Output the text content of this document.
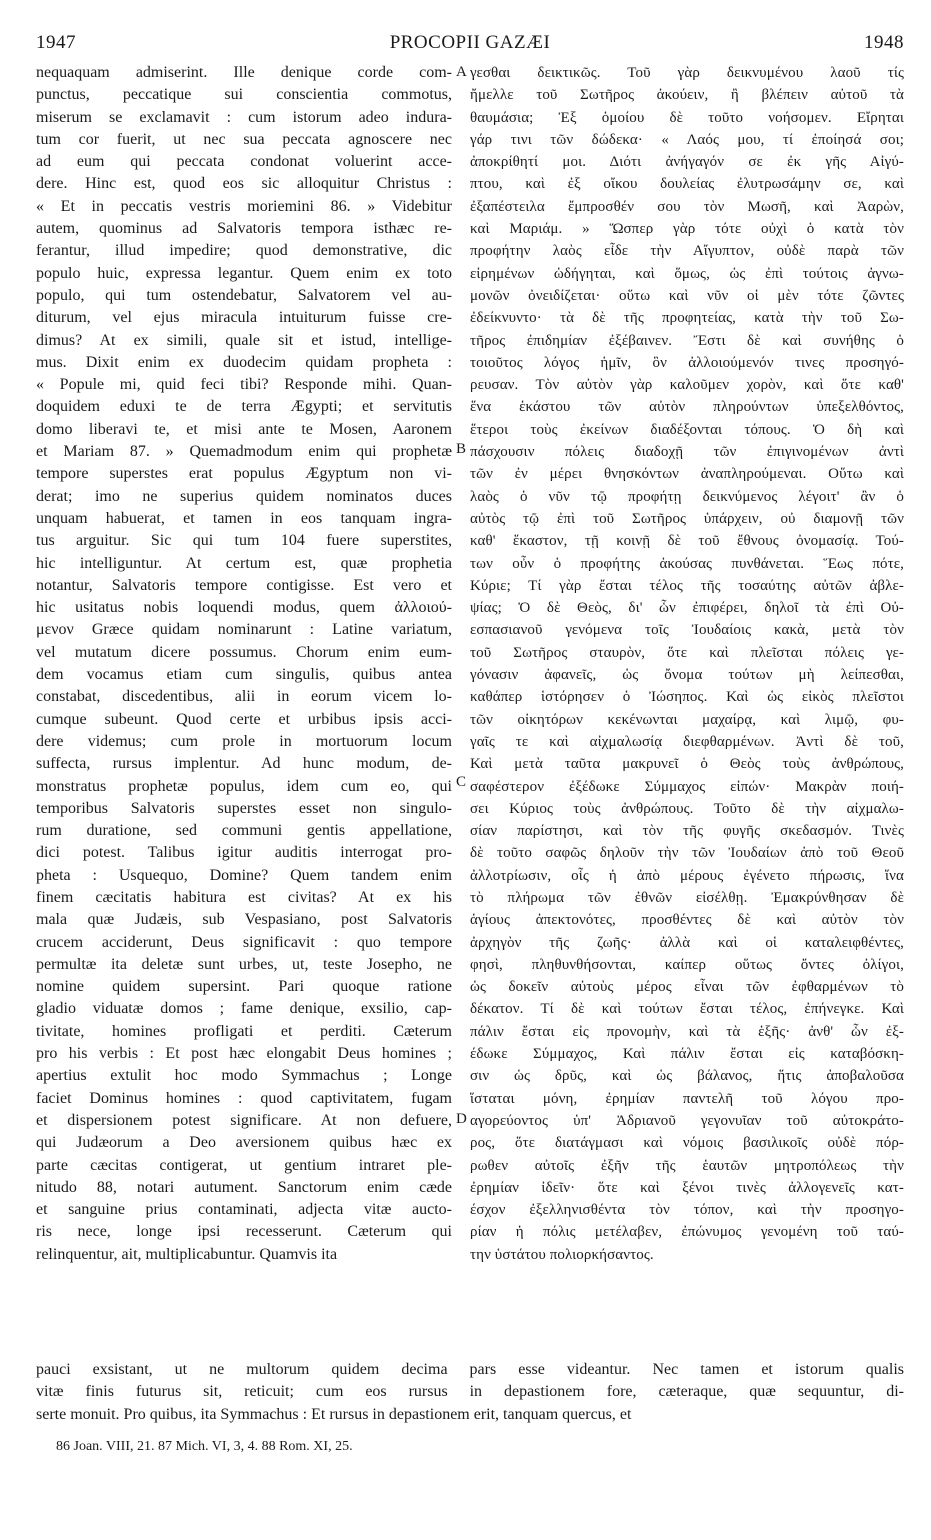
1947	PROCOPII GAZÆI	1948
A
B
C
D
nequaquam admiserint. Ille denique corde com-
punctus, peccatique sui conscientia commotus,
miserum se exclamavit : cum istorum adeo indura-
tum cor fuerit, ut nec sua peccata agnoscere nec
ad eum qui peccata condonat voluerint acce-
dere. Hinc est, quod eos sic alloquitur Christus :
« Et in peccatis vestris moriemini 86. » Videbitur
autem, quominus ad Salvatoris tempora isthæc re-
ferantur, illud impedire; quod demonstrative, dic
populo huic, expressa legantur. Quem enim ex toto
populo, qui tum ostendebatur, Salvatorem vel au-
diturum, vel ejus miracula intuiturum fuisse cre-
dimus? At ex simili, quale sit et istud, intellige-
mus. Dixit enim ex duodecim quidam propheta :
« Popule mi, quid feci tibi? Responde mihi. Quan-
doquidem eduxi te de terra Ægypti; et servitutis
domo liberavi te, et misi ante te Mosen, Aaronem
et Mariam 87. » Quemadmodum enim qui prophetæ
tempore superstes erat populus Ægyptum non vi-
derat; imo ne superius quidem nominatos duces
unquam habuerat, et tamen in eos tanquam ingra-
tus arguitur. Sic qui tum 104 fuere superstites,
hic intelliguntur. At certum est, quæ prophetia
notantur, Salvatoris tempore contigisse. Est vero et
hic usitatus nobis loquendi modus, quem ἀλλοιού-
μενον Græce quidam nominarunt : Latine variatum,
vel mutatum dicere possumus. Chorum enim eum-
dem vocamus etiam cum singulis, quibus antea
constabat, discedentibus, alii in eorum vicem lo-
cumque subeunt. Quod certe et urbibus ipsis acci-
dere videmus; cum prole in mortuorum locum
suffecta, rursus implentur. Ad hunc modum, de-
monstratus prophetæ populus, idem cum eo, qui
temporibus Salvatoris superstes esset non singulo-
rum duratione, sed communi gentis appellatione,
dici potest. Talibus igitur auditis interrogat pro-
pheta : Usquequo, Domine? Quem tandem enim
finem cæcitatis habitura est civitas? At ex his
mala quæ Judæis, sub Vespasiano, post Salvatoris
crucem acciderunt, Deus significavit : quo tempore
permultæ ita deletæ sunt urbes, ut, teste Josepho, ne
nomine quidem supersint. Pari quoque ratione
gladio viduatæ domos ; fame denique, exsilio, cap-
tivitate, homines profligati et perditi. Cæterum
pro his verbis : Et post hæc elongabit Deus homines ;
apertius extulit hoc modo Symmachus ; Longe
faciet Dominus homines : quod captivitatem, fugam
et dispersionem potest significare. At non defuere,
qui Judæorum a Deo aversionem quibus hæc ex
parte cæcitas contigerat, ut gentium intraret ple-
nitudo 88, notari autument. Sanctorum enim cæde
et sanguine prius contaminati, adjecta vitæ aucto-
ris nece, longe ipsi recesserunt. Cæterum qui
relinquentur, ait, multiplicabuntur. Quamvis ita
γεσθαι δεικτικῶς. Τοῦ γὰρ δεικνυμένου λαοῦ τίς
ἤμελλε τοῦ Σωτῆρος ἀκούειν, ἢ βλέπειν αὐτοῦ τὰ
θαυμάσια; Ἐξ ὁμοίου δὲ τοῦτο νοήσομεν. Εἴρηται
γάρ τινι τῶν δώδεκα· « Λαός μου, τί ἐποίησά σοι;
ἀποκρίθητί μοι. Διότι ἀνήγαγόν σε ἐκ γῆς Αἰγύ-
πτου, καὶ ἐξ οἴκου δουλείας ἐλυτρωσάμην σε, καὶ
ἐξαπέστειλα ἔμπροσθέν σου τὸν Μωσῆ, καὶ Ἀαρὼν,
καὶ Μαριάμ. » Ὥσπερ γὰρ τότε οὐχὶ ὁ κατὰ τὸν
προφήτην λαὸς εἶδε τὴν Αἴγυπτον, οὐδὲ παρὰ τῶν
εἰρημένων ὡδήγηται, καὶ ὅμως, ὡς ἐπὶ τούτοις ἀγνω-
μονῶν ὀνειδίζεται· οὕτω καὶ νῦν οἱ μὲν τότε ζῶντες
ἐδείκνυντο· τὰ δὲ τῆς προφητείας, κατὰ τὴν τοῦ Σω-
τῆρος ἐπιδημίαν ἐξέβαινεν. Ἔστι δὲ καὶ συνήθης ὁ
τοιοῦτος λόγος ἡμῖν, ὃν ἀλλοιούμενόν τινες προσηγό-
ρευσαν. Τὸν αὐτὸν γὰρ καλοῦμεν χορὸν, καὶ ὅτε καθ'
ἕνα ἑκάστου τῶν αὐτὸν πληρούντων ὑπεξελθόντος,
ἕτεροι τοὺς ἐκείνων διαδέξονται τόπους. Ὁ δὴ καὶ
πάσχουσιν πόλεις διαδοχῇ τῶν ἐπιγινομένων ἀντὶ
τῶν ἐν μέρει θνησκόντων ἀναπληρούμεναι. Οὕτω καὶ
λαὸς ὁ νῦν τῷ προφήτῃ δεικνύμενος λέγοιτ' ἂν ὁ
αὐτὸς τῷ ἐπὶ τοῦ Σωτῆρος ὑπάρχειν, οὐ διαμονῇ τῶν
καθ' ἕκαστον, τῇ κοινῇ δὲ τοῦ ἔθνους ὀνομασίᾳ. Τού-
των οὖν ὁ προφήτης ἀκούσας πυνθάνεται. Ἕως πότε,
Κύριε; Τί γὰρ ἔσται τέλος τῆς τοσαύτης αὐτῶν ἀβλε-
ψίας; Ὁ δὲ Θεὸς, δι' ὧν ἐπιφέρει, δηλοῖ τὰ ἐπὶ Οὐ-
εσπασιανοῦ γενόμενα τοῖς Ἰουδαίοις κακὰ, μετὰ τὸν
τοῦ Σωτῆρος σταυρὸν, ὅτε καὶ πλεῖσται πόλεις γε-
γόνασιν ἀφανεῖς, ὡς ὄνομα τούτων μὴ λείπεσθαι,
καθάπερ ἱστόρησεν ὁ Ἰώσηπος. Καὶ ὡς εἰκὸς πλεῖστοι
τῶν οἰκητόρων κεκένωνται μαχαίρᾳ, καὶ λιμῷ, φυ-
γαῖς τε καὶ αἰχμαλωσίᾳ διεφθαρμένων. Ἀντὶ δὲ τοῦ,
Καὶ μετὰ ταῦτα μακρυνεῖ ὁ Θεὸς τοὺς ἀνθρώπους,
σαφέστερον ἐξέδωκε Σύμμαχος εἰπών· Μακρὰν ποιή-
σει Κύριος τοὺς ἀνθρώπους. Τοῦτο δὲ τὴν αἰχμαλω-
σίαν παρίστησι, καὶ τὸν τῆς φυγῆς σκεδασμόν. Τινὲς
δὲ τοῦτο σαφῶς δηλοῦν τὴν τῶν Ἰουδαίων ἀπὸ τοῦ Θεοῦ
ἀλλοτρίωσιν, οἷς ἡ ἀπὸ μέρους ἐγένετο πήρωσις, ἵνα
τὸ πλήρωμα τῶν ἐθνῶν εἰσέλθῃ. Ἐμακρύνθησαν δὲ
ἁγίους ἀπεκτονότες, προσθέντες δὲ καὶ αὐτὸν τὸν
ἀρχηγὸν τῆς ζωῆς· ἀλλὰ καὶ οἱ καταλειφθέντες,
φησὶ, πληθυνθήσονται, καίπερ οὕτως ὄντες ὀλίγοι,
ὡς δοκεῖν αὐτοὺς μέρος εἶναι τῶν ἐφθαρμένων τὸ
δέκατον. Τί δὲ καὶ τούτων ἔσται τέλος, ἐπήνεγκε. Καὶ
πάλιν ἔσται εἰς προνομὴν, καὶ τὰ ἑξῆς· ἀνθ' ὧν ἐξ-
έδωκε Σύμμαχος, Καὶ πάλιν ἔσται εἰς καταβόσκη-
σιν ὡς δρῦς, καὶ ὡς βάλανος, ἥτις ἀποβαλοῦσα
ἵσταται μόνη, ἐρημίαν παντελῆ τοῦ λόγου προ-
αγορεύοντος ὑπ' Ἀδριανοῦ γεγονυῖαν τοῦ αὐτοκράτο-
ρος, ὅτε διατάγμασι καὶ νόμοις βασιλικοῖς οὐδὲ πόρ-
ρωθεν αὐτοῖς ἐξῆν τῆς ἑαυτῶν μητροπόλεως τὴν
ἐρημίαν ἰδεῖν· ὅτε καὶ ξένοι τινὲς ἀλλογενεῖς κατ-
έσχον ἐξελληνισθέντα τὸν τόπον, καὶ τὴν προσηγο-
ρίαν ἡ πόλις μετέλαβεν, ἐπώνυμος γενομένη τοῦ ταύ-
την ὑστάτου πολιορκήσαντος.
pauci exsistant, ut ne multorum quidem decima pars esse videantur. Nec tamen et istorum qualis
vitæ finis futurus sit, reticuit; cum eos rursus in depastionem fore, cæteraque, quæ sequuntur, di-
serte monuit. Pro quibus, ita Symmachus : Et rursus in depastionem erit, tanquam quercus, et
86 Joan. VIII, 21. 87 Mich. VI, 3, 4. 88 Rom. XI, 25.
